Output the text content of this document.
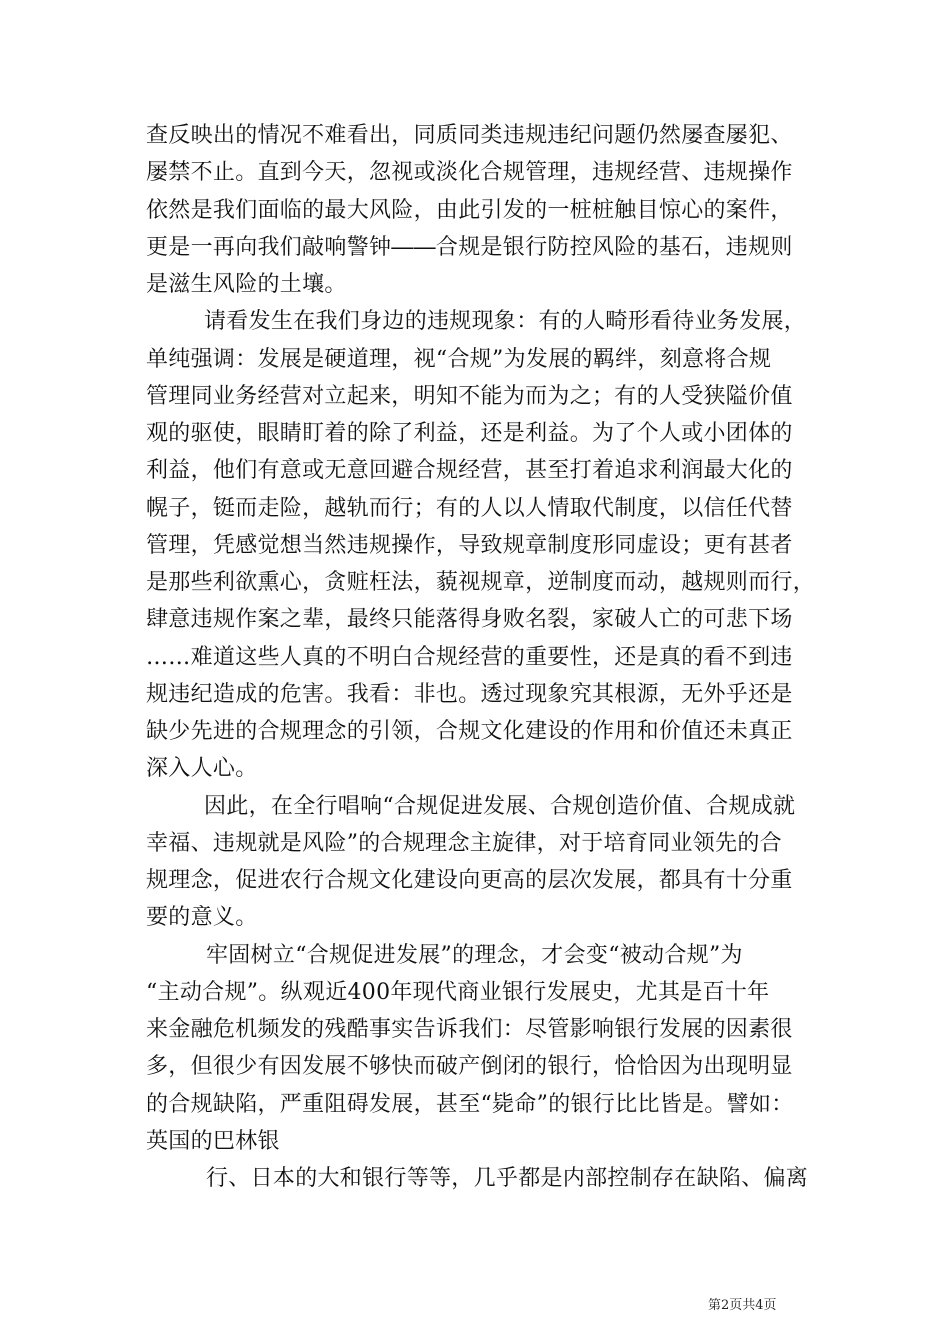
查反映出的情况不难看出，同质同类违规违纪问题仍然屡查屡犯、
屡禁不止。直到今天，忽视或淡化合规管理，违规经营、违规操作
依然是我们面临的最大风险，由此引发的一桩桩触目惊心的案件，
更是一再向我们敲响警钟――合规是银行防控风险的基石，违规则
是滋生风险的土壤。
请看发生在我们身边的违规现象：有的人畸形看待业务发展，
单纯强调：发展是硬道理，视“合规”为发展的羁绊，刻意将合规
管理同业务经营对立起来，明知不能为而为之；有的人受狭隘价值
观的驱使，眼睛盯着的除了利益，还是利益。为了个人或小团体的
利益，他们有意或无意回避合规经营，甚至打着追求利润最大化的
幌子，铤而走险，越轨而行；有的人以人情取代制度，以信任代替
管理，凭感觉想当然违规操作，导致规章制度形同虚设；更有甚者
是那些利欲熏心，贪赃枉法，藐视规章，逆制度而动，越规则而行，
肆意违规作案之辈，最终只能落得身败名裂，家破人亡的可悲下场
……难道这些人真的不明白合规经营的重要性，还是真的看不到违
规违纪造成的危害。我看：非也。透过现象究其根源，无外乎还是
缺少先进的合规理念的引领，合规文化建设的作用和价值还未真正
深入人心。
因此，在全行唱响“合规促进发展、合规创造价值、合规成就
幸福、违规就是风险”的合规理念主旋律，对于培育同业领先的合
规理念，促进农行合规文化建设向更高的层次发展，都具有十分重
要的意义。
牢固树立“合规促进发展”的理念，才会变“被动合规”为
“主动合规”。纵观近400年现代商业银行发展史，尤其是百十年
来金融危机频发的残酷事实告诉我们：尽管影响银行发展的因素很
多，但很少有因发展不够快而破产倒闭的银行，恰恰因为出现明显
的合规缺陷，严重阻碍发展，甚至“毙命”的银行比比皆是。譬如：
英国的巴林银
行、日本的大和银行等等，几乎都是内部控制存在缺陷、偏离
第2页共4页
